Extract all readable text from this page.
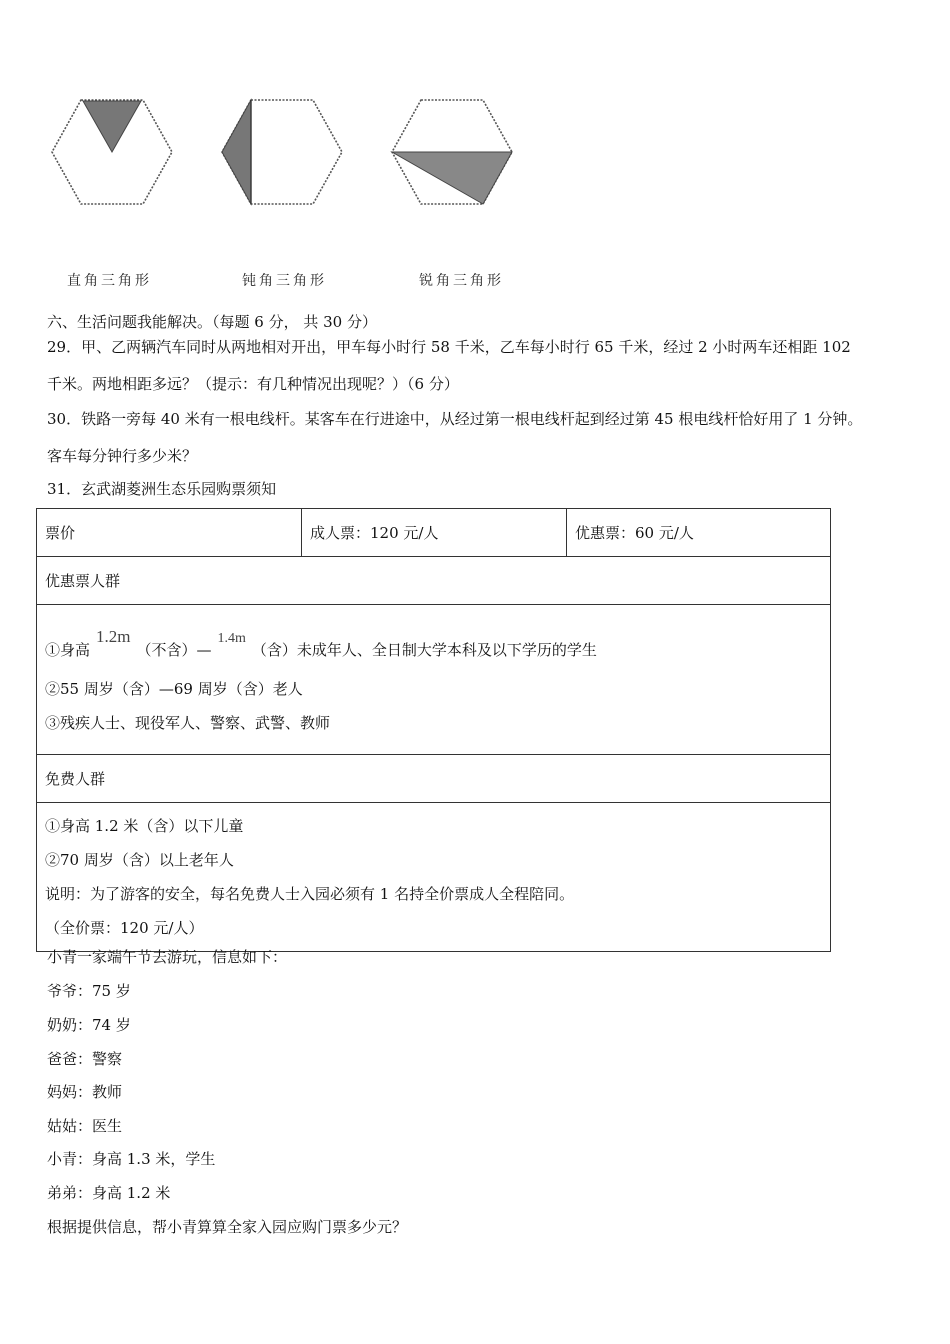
直角三角形	钝角三角形	锐角三角形
六、生活问题我能解决。（每题 6 分， 共 30 分）
29．甲、乙两辆汽车同时从两地相对开出，甲车每小时行 58 千米，乙车每小时行 65 千米，经过 2 小时两车还相距 102
千米。两地相距多远？（提示：有几种情况出现呢？）（6 分）
30．铁路一旁每 40 米有一根电线杆。某客车在行进途中，从经过第一根电线杆起到经过第 45 根电线杆恰好用了 1 分钟。
客车每分钟行多少米？
31．玄武湖菱洲生态乐园购票须知
票价	成人票：120 元/人	优惠票：60 元/人
优惠票人群

①身高1.2m（不含）—1.4m（含）未成年人、全日制大学本科及以下学历的学生
②55 周岁（含）—69 周岁（含）老人
③残疾人士、现役军人、警察、武警、教师

免费人群

①身高 1.2 米（含）以下儿童
②70 周岁（含）以上老年人
说明：为了游客的安全，每名免费人士入园必须有 1 名持全价票成人全程陪同。
（全价票：120 元/人）
小青一家端午节去游玩，信息如下：
爷爷：75 岁
奶奶：74 岁
爸爸：警察
妈妈：教师
姑姑：医生
小青：身高 1.3 米，学生
弟弟：身高 1.2 米
根据提供信息，帮小青算算全家入园应购门票多少元？
